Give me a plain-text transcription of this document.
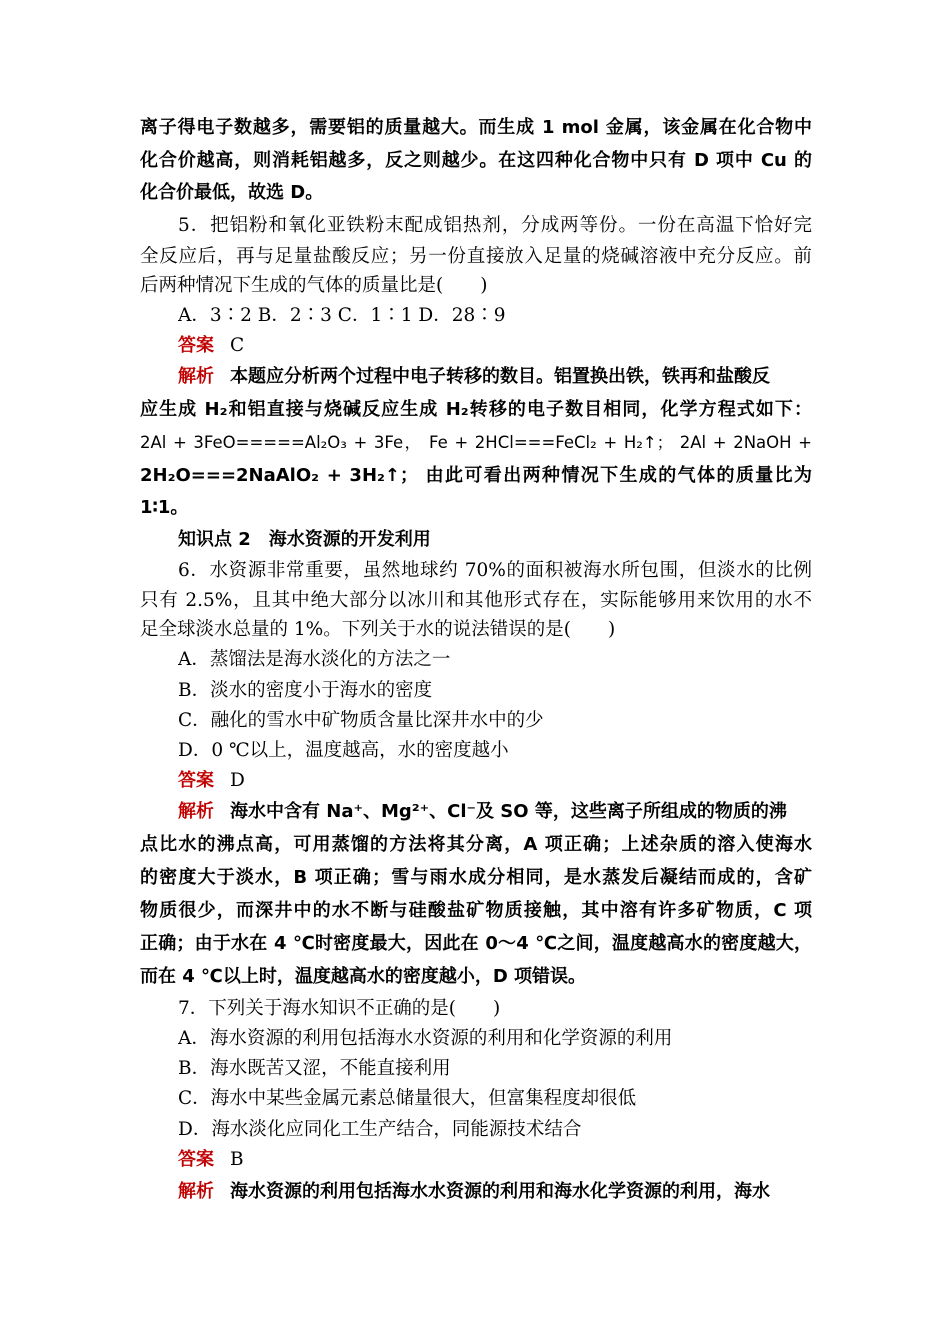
离子得电子数越多，需要铝的质量越大。而生成 1 mol 金属，该金属在化合物中
化合价越高，则消耗铝越多，反之则越少。在这四种化合物中只有 D 项中 Cu 的
化合价最低，故选 D。
5．把铝粉和氧化亚铁粉末配成铝热剂，分成两等份。一份在高温下恰好完
全反应后，再与足量盐酸反应；另一份直接放入足量的烧碱溶液中充分反应。前
后两种情况下生成的气体的质量比是(　　)
A．3∶2 B．2∶3 C．1∶1 D．28∶9
答案 C
解析 本题应分析两个过程中电子转移的数目。铝置换出铁，铁再和盐酸反
应生成 H₂和铝直接与烧碱反应生成 H₂转移的电子数目相同，化学方程式如下：
2Al + 3FeO=====Al₂O₃ + 3Fe， Fe + 2HCl===FeCl₂ + H₂↑； 2Al + 2NaOH +
2H₂O===2NaAlO₂ + 3H₂↑； 由此可看出两种情况下生成的气体的质量比为
1∶1。
知识点 2　海水资源的开发利用
6．水资源非常重要，虽然地球约 70%的面积被海水所包围，但淡水的比例
只有 2.5%，且其中绝大部分以冰川和其他形式存在，实际能够用来饮用的水不
足全球淡水总量的 1%。下列关于水的说法错误的是(　　)
A．蒸馏法是海水淡化的方法之一
B．淡水的密度小于海水的密度
C．融化的雪水中矿物质含量比深井水中的少
D．0 ℃以上，温度越高，水的密度越小
答案 D
解析 海水中含有 Na⁺、Mg²⁺、Cl⁻及 SO 等，这些离子所组成的物质的沸
点比水的沸点高，可用蒸馏的方法将其分离，A 项正确；上述杂质的溶入使海水
的密度大于淡水，B 项正确；雪与雨水成分相同，是水蒸发后凝结而成的，含矿
物质很少，而深井中的水不断与硅酸盐矿物质接触，其中溶有许多矿物质，C 项
正确；由于水在 4 ℃时密度最大，因此在 0～4 ℃之间，温度越高水的密度越大，
而在 4 ℃以上时，温度越高水的密度越小，D 项错误。
7．下列关于海水知识不正确的是(　　)
A．海水资源的利用包括海水水资源的利用和化学资源的利用
B．海水既苦又涩，不能直接利用
C．海水中某些金属元素总储量很大，但富集程度却很低
D．海水淡化应同化工生产结合，同能源技术结合
答案 B
解析 海水资源的利用包括海水水资源的利用和海水化学资源的利用，海水
